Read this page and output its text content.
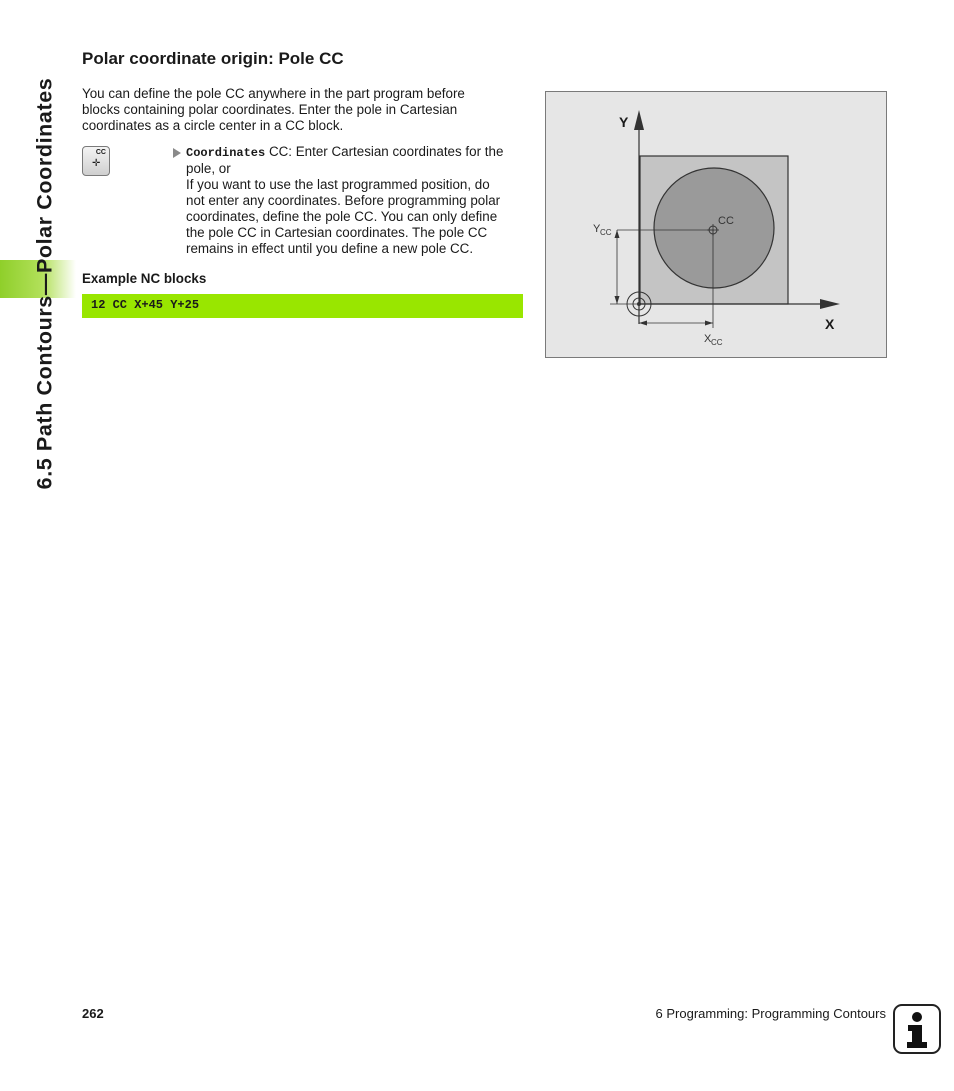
6.5 Path Contours—Polar Coordinates
Polar coordinate origin: Pole CC
You can define the pole CC anywhere in the part program before
blocks containing polar coordinates. Enter the pole in Cartesian
coordinates as a circle center in a CC block.
CC
✛
Coordinates CC: Enter Cartesian coordinates for the
pole, or
If you want to use the last programmed position, do
not enter any coordinates. Before programming polar
coordinates, define the pole CC. You can only define
the pole CC in Cartesian coordinates. The pole CC
remains in effect until you define a new pole CC.
Example NC blocks
12 CC X+45 Y+25
Y
X
CC
Y CC
X CC
262	6 Programming: Programming Contours
